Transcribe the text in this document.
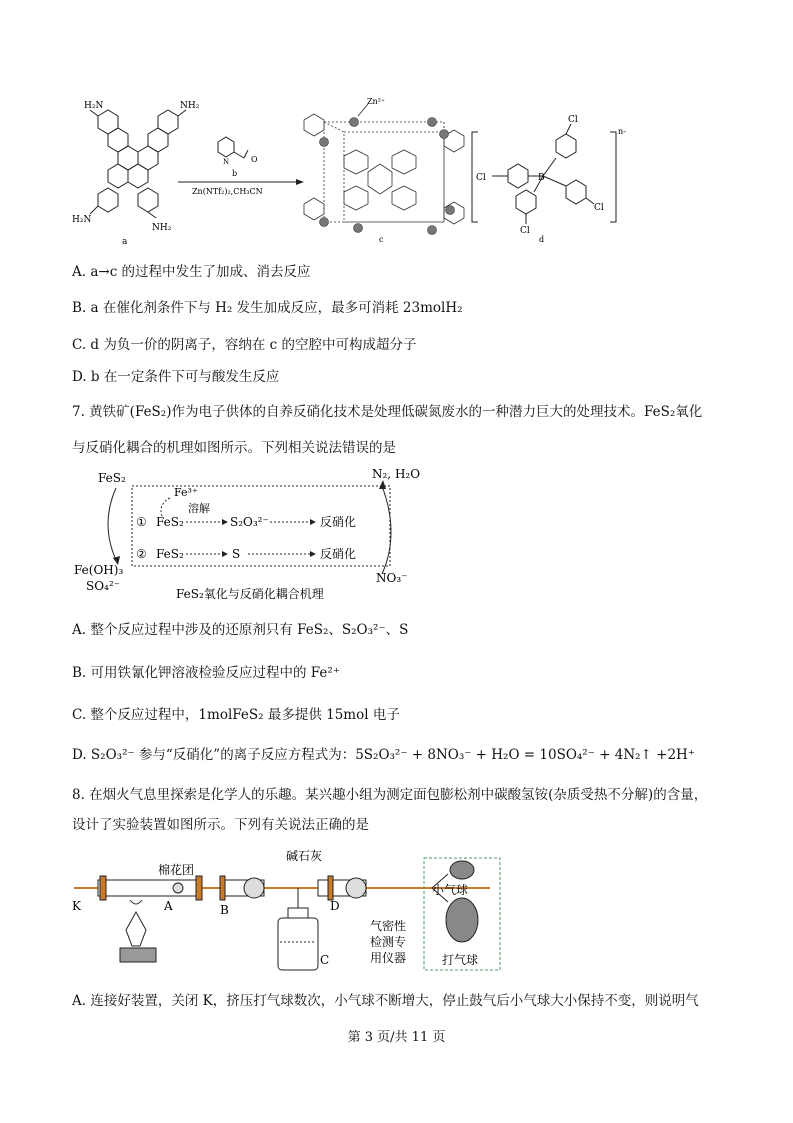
H₂N	NH₂
H₂N
NH₂
a
N	O
b
Zn(NTf₂)₂,CH₃CN
Zn²⁺
c
Cl
Cl
Cl
Cl
B
n-
d
A. a→c 的过程中发生了加成、消去反应
B. a 在催化剂条件下与 H₂ 发生加成反应，最多可消耗 23molH₂
C. d 为负一价的阴离子，容纳在 c 的空腔中可构成超分子
D. b 在一定条件下可与酸发生反应
7. 黄铁矿(FeS₂)作为电子供体的自养反硝化技术是处理低碳氮废水的一种潜力巨大的处理技术。FeS₂氧化
与反硝化耦合的机理如图所示。下列相关说法错误的是
FeS₂
Fe(OH)₃
SO₄²⁻
Fe³⁺
① FeS₂
溶解
S₂O₃²⁻	反硝化
② FeS₂	S	反硝化
N₂, H₂O
NO₃⁻
FeS₂氧化与反硝化耦合机理
A. 整个反应过程中涉及的还原剂只有 FeS₂、S₂O₃²⁻、S
B. 可用铁氰化钾溶液检验反应过程中的 Fe²⁺
C. 整个反应过程中，1molFeS₂ 最多提供 15mol 电子
D. S₂O₃²⁻ 参与“反硝化”的离子反应方程式为：5S₂O₃²⁻ + 8NO₃⁻ + H₂O = 10SO₄²⁻ + 4N₂↑ +2H⁺
8. 在烟火气息里探索是化学人的乐趣。某兴趣小组为测定面包膨松剂中碳酸氢铵(杂质受热不分解)的含量，
设计了实验装置如图所示。下列有关说法正确的是
K	A	B
C
D
棉花团
碱石灰
小气球
打气球
气密性
检测专
用仪器
A. 连接好装置，关闭 K，挤压打气球数次，小气球不断增大，停止鼓气后小气球大小保持不变，则说明气
第 3 页/共 11 页
